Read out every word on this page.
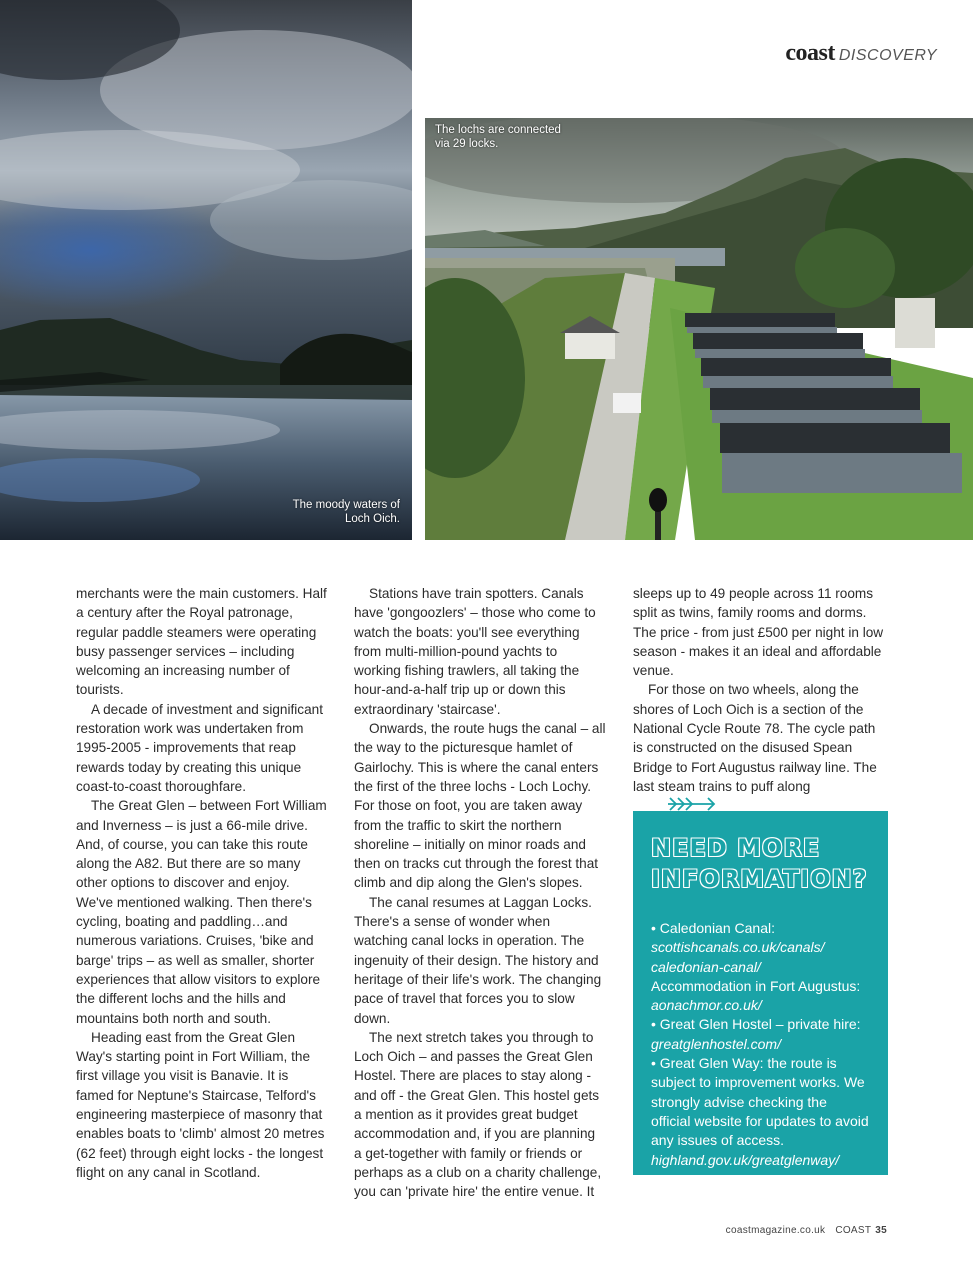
coast DISCOVERY
The moody waters of
Loch Oich.
The lochs are connected
via 29 locks.

merchants were the main customers. Half a century after the Royal patronage, regular paddle steamers were operating busy passenger services – including welcoming an increasing number of tourists.

A decade of investment and significant restoration work was undertaken from 1995-2005 - improvements that reap rewards today by creating this unique coast-to-coast thoroughfare.

The Great Glen – between Fort William and Inverness – is just a 66-mile drive. And, of course, you can take this route along the A82. But there are so many other options to discover and enjoy. We've mentioned walking. Then there's cycling, boating and paddling…and numerous variations. Cruises, 'bike and barge' trips – as well as smaller, shorter experiences that allow visitors to explore the different lochs and the hills and mountains both north and south.

Heading east from the Great Glen Way's starting point in Fort William, the first village you visit is Banavie. It is famed for Neptune's Staircase, Telford's engineering masterpiece of masonry that enables boats to 'climb' almost 20 metres (62 feet) through eight locks - the longest flight on any canal in Scotland.

Stations have train spotters. Canals have 'gongoozlers' – those who come to watch the boats: you'll see everything from multi-million-pound yachts to working fishing trawlers, all taking the hour-and-a-half trip up or down this extraordinary 'staircase'.

Onwards, the route hugs the canal – all the way to the picturesque hamlet of Gairlochy. This is where the canal enters the first of the three lochs - Loch Lochy. For those on foot, you are taken away from the traffic to skirt the northern shoreline – initially on minor roads and then on tracks cut through the forest that climb and dip along the Glen's slopes.

The canal resumes at Laggan Locks. There's a sense of wonder when watching canal locks in operation. The ingenuity of their design. The history and heritage of their life's work. The changing pace of travel that forces you to slow down.

The next stretch takes you through to Loch Oich – and passes the Great Glen Hostel. There are places to stay along - and off - the Great Glen. This hostel gets a mention as it provides great budget accommodation and, if you are planning a get-together with family or friends or perhaps as a club on a charity challenge, you can 'private hire' the entire venue. It

sleeps up to 49 people across 11 rooms split as twins, family rooms and dorms. The price - from just £500 per night in low season - makes it an ideal and affordable venue.

For those on two wheels, along the shores of Loch Oich is a section of the National Cycle Route 78. The cycle path is constructed on the disused Spean Bridge to Fort Augustus railway line. The last steam trains to puff along

NEED MORE
INFORMATION?
• Caledonian Canal:
scottishcanals.co.uk/canals/ caledonian-canal/
Accommodation in Fort Augustus: aonachmor.co.uk/
• Great Glen Hostel – private hire: greatglenhostel.com/
• Great Glen Way: the route is subject to improvement works. We strongly advise checking the official website for updates to avoid any issues of access. highland.gov.uk/greatglenway/
coastmagazine.co.uk COAST 35
